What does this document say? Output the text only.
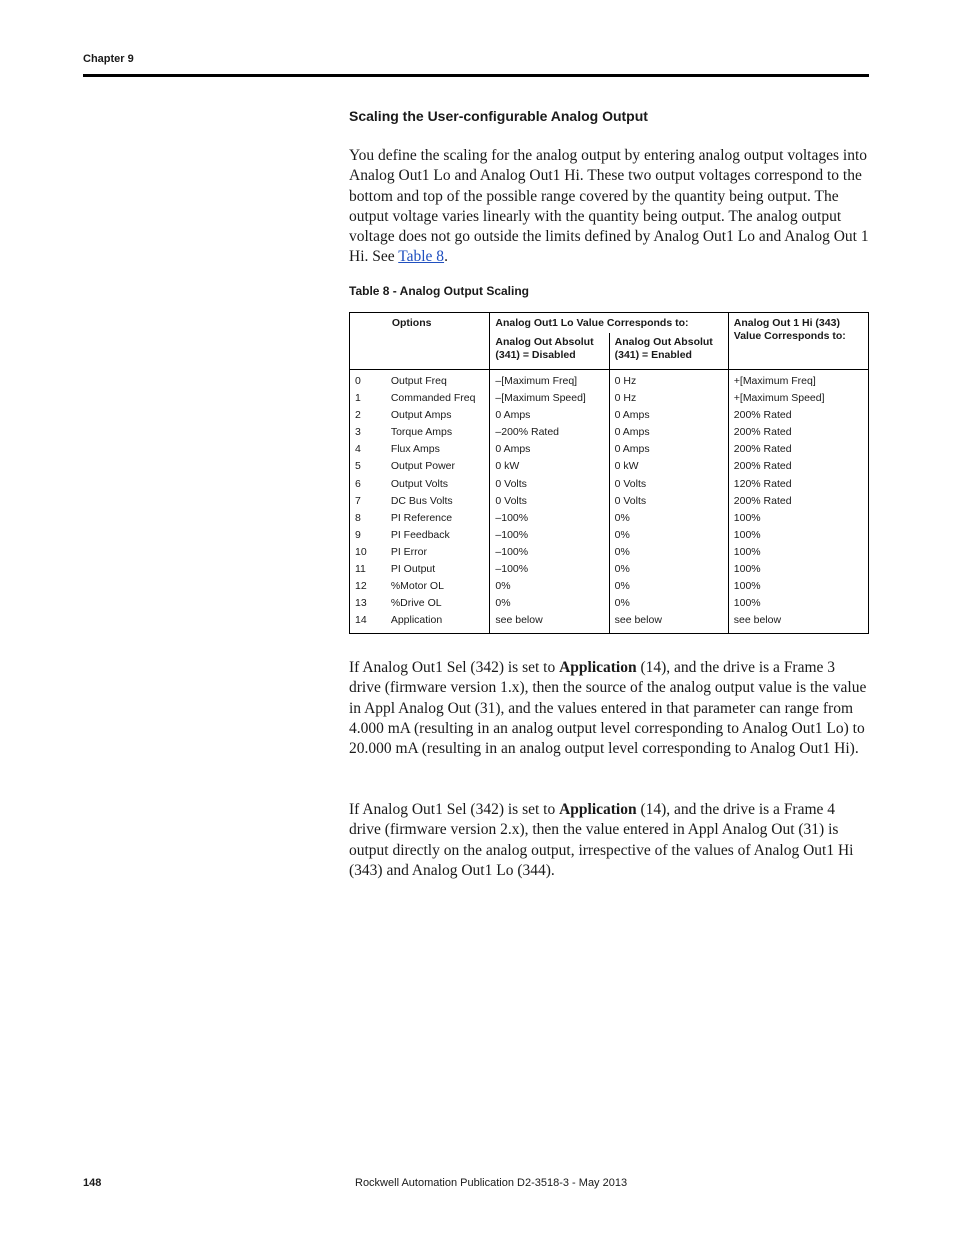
Chapter 9
Scaling the User-configurable Analog Output

You define the scaling for the analog output by entering analog output voltages into Analog Out1 Lo and Analog Out1 Hi. These two output voltages correspond to the bottom and top of the possible range covered by the quantity being output. The output voltage varies linearly with the quantity being output. The analog output voltage does not go outside the limits defined by Analog Out1 Lo and Analog Out 1 Hi. See Table 8.

Table 8 - Analog Output Scaling
	Options	Analog Out1 Lo Value Corresponds to:		Analog Out 1 Hi (343) Value Corresponds to:
		Analog Out Absolut (341) = Disabled	Analog Out Absolut (341) = Enabled	
0	Output Freq	–[Maximum Freq]	0 Hz	+[Maximum Freq]
1	Commanded Freq	–[Maximum Speed]	0 Hz	+[Maximum Speed]
2	Output Amps	0 Amps	0 Amps	200% Rated
3	Torque Amps	–200% Rated	0 Amps	200% Rated
4	Flux Amps	0 Amps	0 Amps	200% Rated
5	Output Power	0 kW	0 kW	200% Rated
6	Output Volts	0 Volts	0 Volts	120% Rated
7	DC Bus Volts	0 Volts	0 Volts	200% Rated
8	PI Reference	–100%	0%	100%
9	PI Feedback	–100%	0%	100%
10	PI Error	–100%	0%	100%
11	PI Output	–100%	0%	100%
12	%Motor OL	0%	0%	100%
13	%Drive OL	0%	0%	100%
14	Application	see below	see below	see below

If Analog Out1 Sel (342) is set to Application (14), and the drive is a Frame 3 drive (firmware version 1.x), then the source of the analog output value is the value in Appl Analog Out (31), and the values entered in that parameter can range from 4.000 mA (resulting in an analog output level corresponding to Analog Out1 Lo) to 20.000 mA (resulting in an analog output level corresponding to Analog Out1 Hi).

If Analog Out1 Sel (342) is set to Application (14), and the drive is a Frame 4 drive (firmware version 2.x), then the value entered in Appl Analog Out (31) is output directly on the analog output, irrespective of the values of Analog Out1 Hi (343) and Analog Out1 Lo (344).

148	Rockwell Automation Publication D2-3518-3 - May 2013
